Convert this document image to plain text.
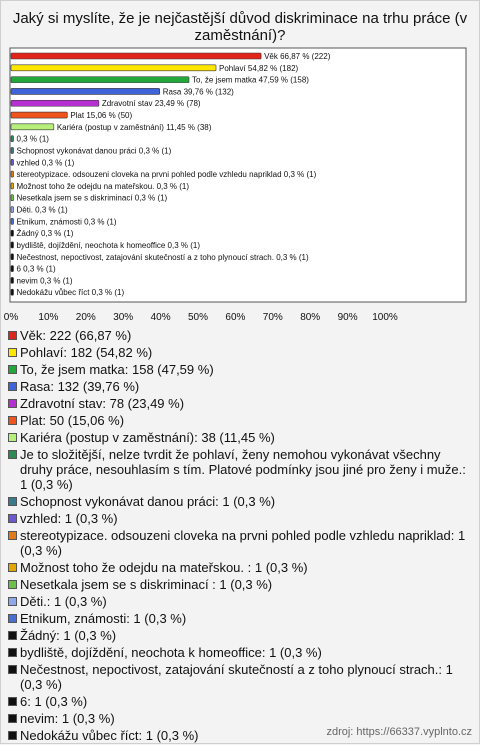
Jaký si myslíte, že je nejčastější důvod diskriminace na trhu práce (v zaměstnání)?
Věk 66,87 % (222)
Pohlaví 54,82 % (182)
To, že jsem matka 47,59 % (158)
Rasa 39,76 % (132)
Zdravotní stav 23,49 % (78)
Plat 15,06 % (50)
Kariéra (postup v zaměstnání) 11,45 % (38)
0,3 % (1)
Schopnost vykonávat danou práci 0,3 % (1)
vzhled 0,3 % (1)
stereotypizace. odsouzeni cloveka na prvni pohled podle vzhledu napriklad 0,3 % (1)
Možnost toho že odejdu na mateřskou. 0,3 % (1)
Nesetkala jsem se s diskriminací 0,3 % (1)
Děti. 0,3 % (1)
Etnikum, známosti 0,3 % (1)
Žádný 0,3 % (1)
bydliště, dojíždění, neochota k homeoffice 0,3 % (1)
Nečestnost, nepoctivost, zatajování skutečností a z toho plynoucí strach. 0,3 % (1)
6 0,3 % (1)
nevim 0,3 % (1)
Nedokážu vůbec říct 0,3 % (1)
0% 10% 20% 30% 40% 50% 60% 70% 80% 90% 100%
Věk: 222 (66,87 %)
Pohlaví: 182 (54,82 %)
To, že jsem matka: 158 (47,59 %)
Rasa: 132 (39,76 %)
Zdravotní stav: 78 (23,49 %)
Plat: 50 (15,06 %)
Kariéra (postup v zaměstnání): 38 (11,45 %)
Je to složitější, nelze tvrdit že pohlaví, ženy nemohou vykonávat všechny druhy práce, nesouhlasím s tím. Platové podmínky jsou jiné pro ženy i muže.: 1 (0,3 %)
Schopnost vykonávat danou práci: 1 (0,3 %)
vzhled: 1 (0,3 %)
stereotypizace. odsouzeni cloveka na prvni pohled podle vzhledu napriklad: 1 (0,3 %)
Možnost toho že odejdu na mateřskou. : 1 (0,3 %)
Nesetkala jsem se s diskriminací : 1 (0,3 %)
Děti.: 1 (0,3 %)
Etnikum, známosti: 1 (0,3 %)
Žádný: 1 (0,3 %)
bydliště, dojíždění, neochota k homeoffice: 1 (0,3 %)
Nečestnost, nepoctivost, zatajování skutečností a z toho plynoucí strach.: 1 (0,3 %)
6: 1 (0,3 %)
nevim: 1 (0,3 %)
Nedokážu vůbec říct: 1 (0,3 %)	zdroj: https://66337.vyplnto.cz
